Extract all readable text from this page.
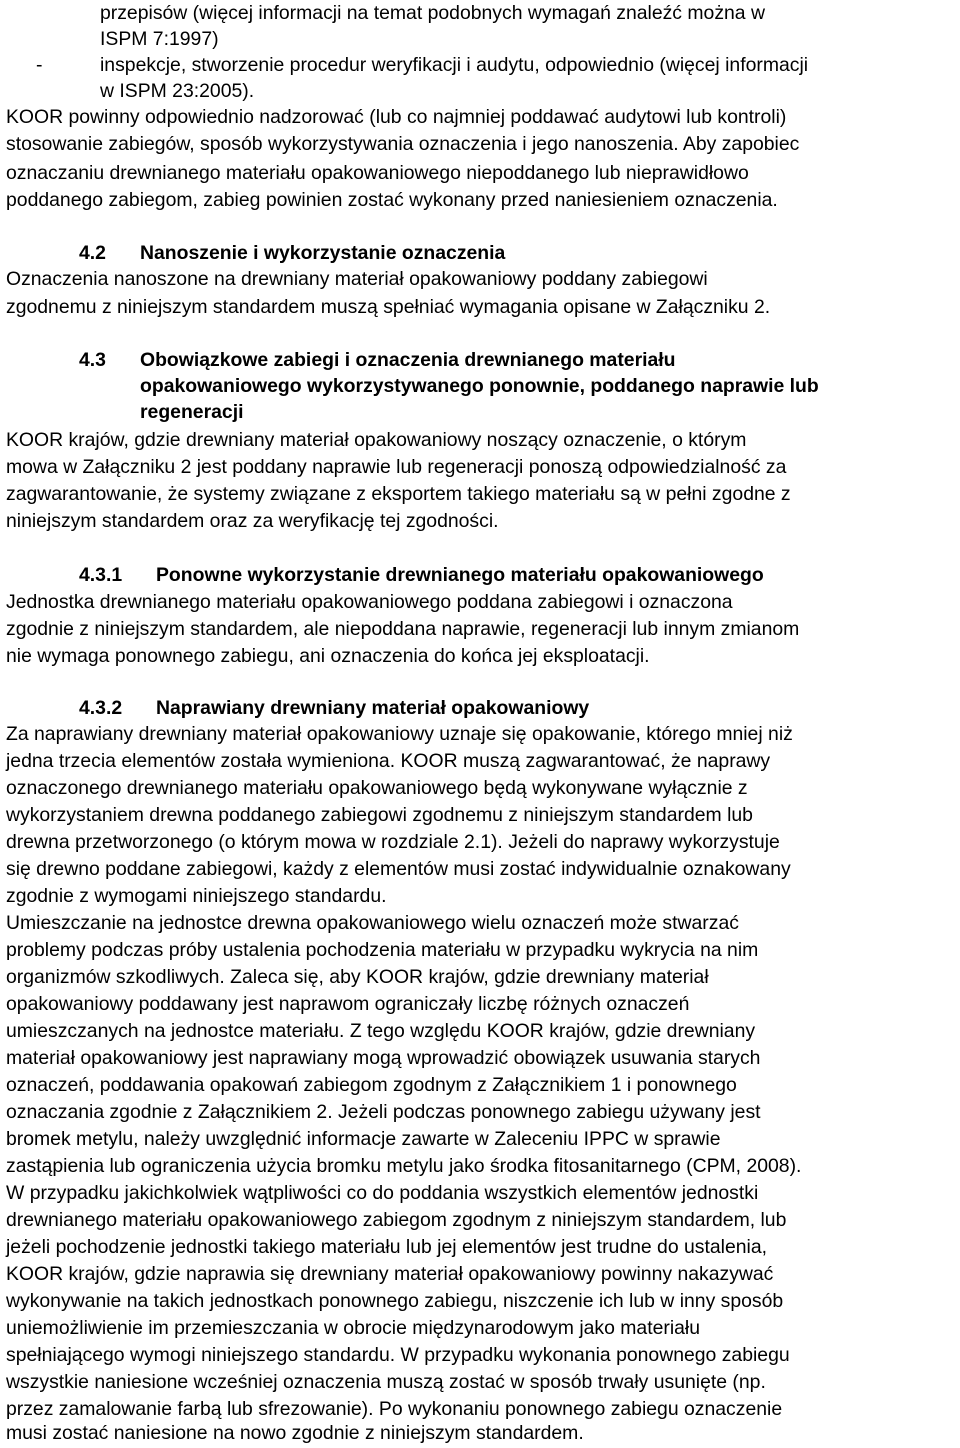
przepisów (więcej informacji na temat podobnych wymagań znaleźć można w
ISPM 7:1997)
-	inspekcje, stworzenie procedur weryfikacji i audytu, odpowiednio (więcej informacji
w ISPM 23:2005).
KOOR powinny odpowiednio nadzorować (lub co najmniej poddawać audytowi lub kontroli)
stosowanie zabiegów, sposób wykorzystywania oznaczenia i jego nanoszenia. Aby zapobiec
oznaczaniu drewnianego materiału opakowaniowego niepoddanego lub nieprawidłowo
poddanego zabiegom, zabieg powinien zostać wykonany przed naniesieniem oznaczenia.
4.2 Nanoszenie i wykorzystanie oznaczenia
Oznaczenia nanoszone na drewniany materiał opakowaniowy poddany zabiegowi
zgodnemu z niniejszym standardem muszą spełniać wymagania opisane w Załączniku 2.
4.3 Obowiązkowe zabiegi i oznaczenia drewnianego materiału
opakowaniowego wykorzystywanego ponownie, poddanego naprawie lub
regeneracji
KOOR krajów, gdzie drewniany materiał opakowaniowy noszący oznaczenie, o którym
mowa w Załączniku 2 jest poddany naprawie lub regeneracji ponoszą odpowiedzialność za
zagwarantowanie, że systemy związane z eksportem takiego materiału są w pełni zgodne z
niniejszym standardem oraz za weryfikację tej zgodności.
4.3.1 Ponowne wykorzystanie drewnianego materiału opakowaniowego
Jednostka drewnianego materiału opakowaniowego poddana zabiegowi i oznaczona
zgodnie z niniejszym standardem, ale niepoddana naprawie, regeneracji lub innym zmianom
nie wymaga ponownego zabiegu, ani oznaczenia do końca jej eksploatacji.
4.3.2 Naprawiany drewniany materiał opakowaniowy
Za naprawiany drewniany materiał opakowaniowy uznaje się opakowanie, którego mniej niż
jedna trzecia elementów została wymieniona. KOOR muszą zagwarantować, że naprawy
oznaczonego drewnianego materiału opakowaniowego będą wykonywane wyłącznie z
wykorzystaniem drewna poddanego zabiegowi zgodnemu z niniejszym standardem lub
drewna przetworzonego (o którym mowa w rozdziale 2.1). Jeżeli do naprawy wykorzystuje
się drewno poddane zabiegowi, każdy z elementów musi zostać indywidualnie oznakowany
zgodnie z wymogami niniejszego standardu.
Umieszczanie na jednostce drewna opakowaniowego wielu oznaczeń może stwarzać
problemy podczas próby ustalenia pochodzenia materiału w przypadku wykrycia na nim
organizmów szkodliwych. Zaleca się, aby KOOR krajów, gdzie drewniany materiał
opakowaniowy poddawany jest naprawom ograniczały liczbę różnych oznaczeń
umieszczanych na jednostce materiału. Z tego względu KOOR krajów, gdzie drewniany
materiał opakowaniowy jest naprawiany mogą wprowadzić obowiązek usuwania starych
oznaczeń, poddawania opakowań zabiegom zgodnym z Załącznikiem 1 i ponownego
oznaczania zgodnie z Załącznikiem 2. Jeżeli podczas ponownego zabiegu używany jest
bromek metylu, należy uwzględnić informacje zawarte w Zaleceniu IPPC w sprawie
zastąpienia lub ograniczenia użycia bromku metylu jako środka fitosanitarnego (CPM, 2008).
W przypadku jakichkolwiek wątpliwości co do poddania wszystkich elementów jednostki
drewnianego materiału opakowaniowego zabiegom zgodnym z niniejszym standardem, lub
jeżeli pochodzenie jednostki takiego materiału lub jej elementów jest trudne do ustalenia,
KOOR krajów, gdzie naprawia się drewniany materiał opakowaniowy powinny nakazywać
wykonywanie na takich jednostkach ponownego zabiegu, niszczenie ich lub w inny sposób
uniemożliwienie im przemieszczania w obrocie międzynarodowym jako materiału
spełniającego wymogi niniejszego standardu. W przypadku wykonania ponownego zabiegu
wszystkie naniesione wcześniej oznaczenia muszą zostać w sposób trwały usunięte (np.
przez zamalowanie farbą lub sfrezowanie). Po wykonaniu ponownego zabiegu oznaczenie
musi zostać naniesione na nowo zgodnie z niniejszym standardem.
